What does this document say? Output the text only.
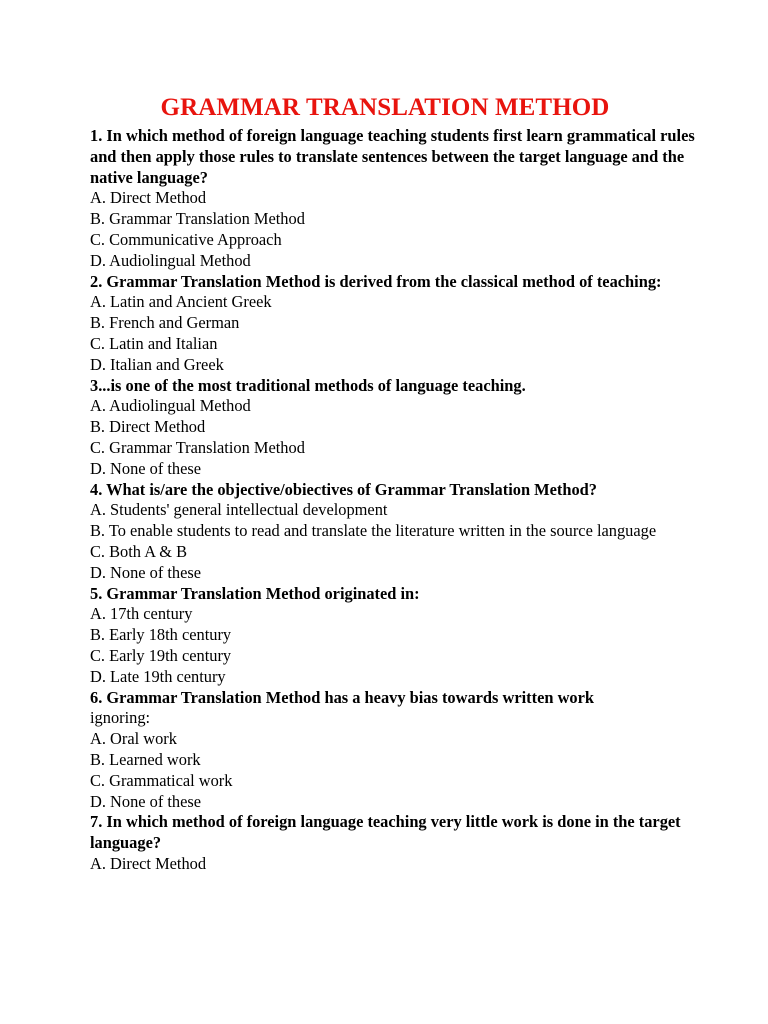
GRAMMAR TRANSLATION METHOD

1. In which method of foreign language teaching students first learn grammatical rules and then apply those rules to translate sentences between the target language and the native language?

A. Direct Method

B. Grammar Translation Method

C. Communicative Approach

D. Audiolingual Method

2. Grammar Translation Method is derived from the classical method of teaching:

A. Latin and Ancient Greek

B. French and German

C. Latin and Italian

D. Italian and Greek

3...is one of the most traditional methods of language teaching.

A. Audiolingual Method

B. Direct Method

C. Grammar Translation Method

D. None of these

4. What is/are the objective/obiectives of Grammar Translation Method?

A. Students' general intellectual development

B. To enable students to read and translate the literature written in the source language

C. Both A & B

D. None of these

5. Grammar Translation Method originated in:

A. 17th century

B. Early 18th century

C. Early 19th century

D. Late 19th century

6. Grammar Translation Method has a heavy bias towards written work

ignoring:

A. Oral work

B. Learned work

C. Grammatical work

D. None of these

7. In which method of foreign language teaching very little work is done in the target language?

A. Direct Method
